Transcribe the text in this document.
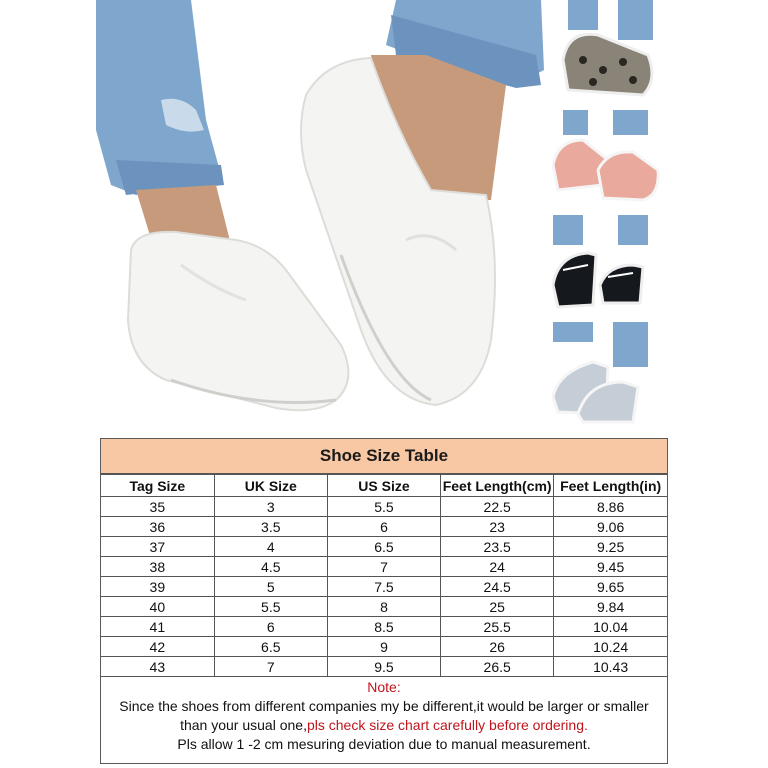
Shoe Size Table
Tag Size	UK Size	US Size	Feet Length(cm)	Feet Length(in)
35	3	5.5	22.5	8.86
36	3.5	6	23	9.06
37	4	6.5	23.5	9.25
38	4.5	7	24	9.45
39	5	7.5	24.5	9.65
40	5.5	8	25	9.84
41	6	8.5	25.5	10.04
42	6.5	9	26	10.24
43	7	9.5	26.5	10.43
Note:
Since the shoes from different companies my be different,it would be larger or smaller
than your usual one,pls check size chart carefully before ordering.
Pls allow 1 -2 cm mesuring deviation due to manual measurement.
